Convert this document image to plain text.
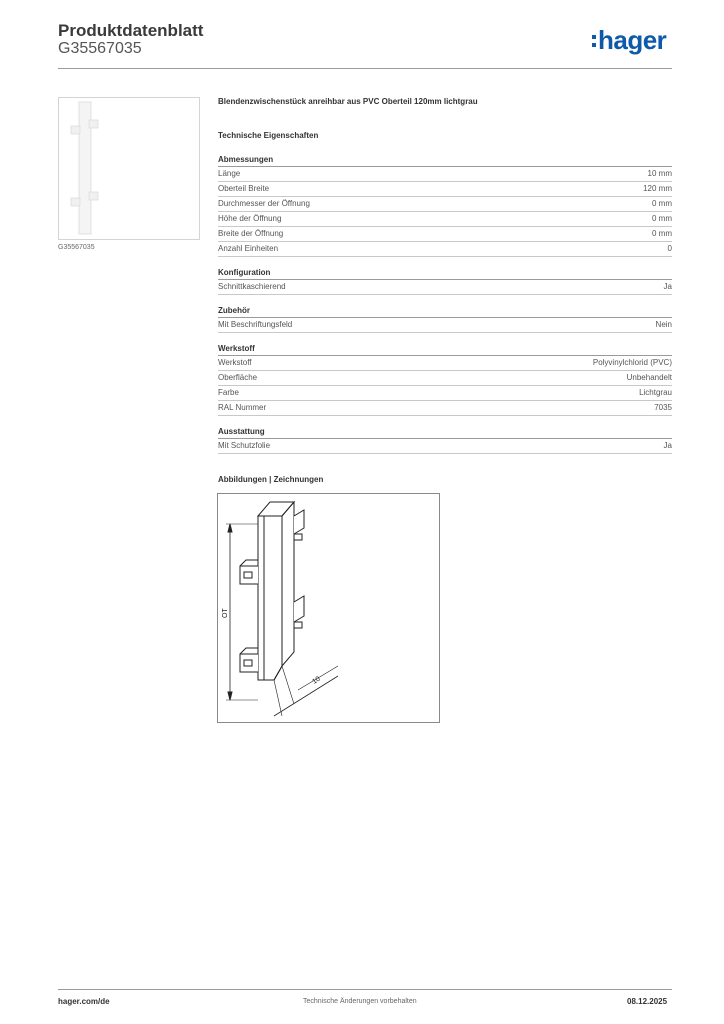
Produktdatenblatt
G35567035	hager
G35567035
Blendenzwischenstück anreihbar aus PVC Oberteil 120mm lichtgrau
Technische Eigenschaften
Abmessungen
Länge	10 mm
Oberteil Breite	120 mm
Durchmesser der Öffnung	0 mm
Höhe der Öffnung	0 mm
Breite der Öffnung	0 mm
Anzahl Einheiten	0
Konfiguration
Schnittkaschierend	Ja
Zubehör
Mit Beschriftungsfeld	Nein
Werkstoff
Werkstoff	Polyvinylchlorid (PVC)
Oberfläche	Unbehandelt
Farbe	Lichtgrau
RAL Nummer	7035
Ausstattung
Mit Schutzfolie	Ja
Abbildungen | Zeichnungen
OT
10
hager.com/de	Technische Änderungen vorbehalten	08.12.2025
